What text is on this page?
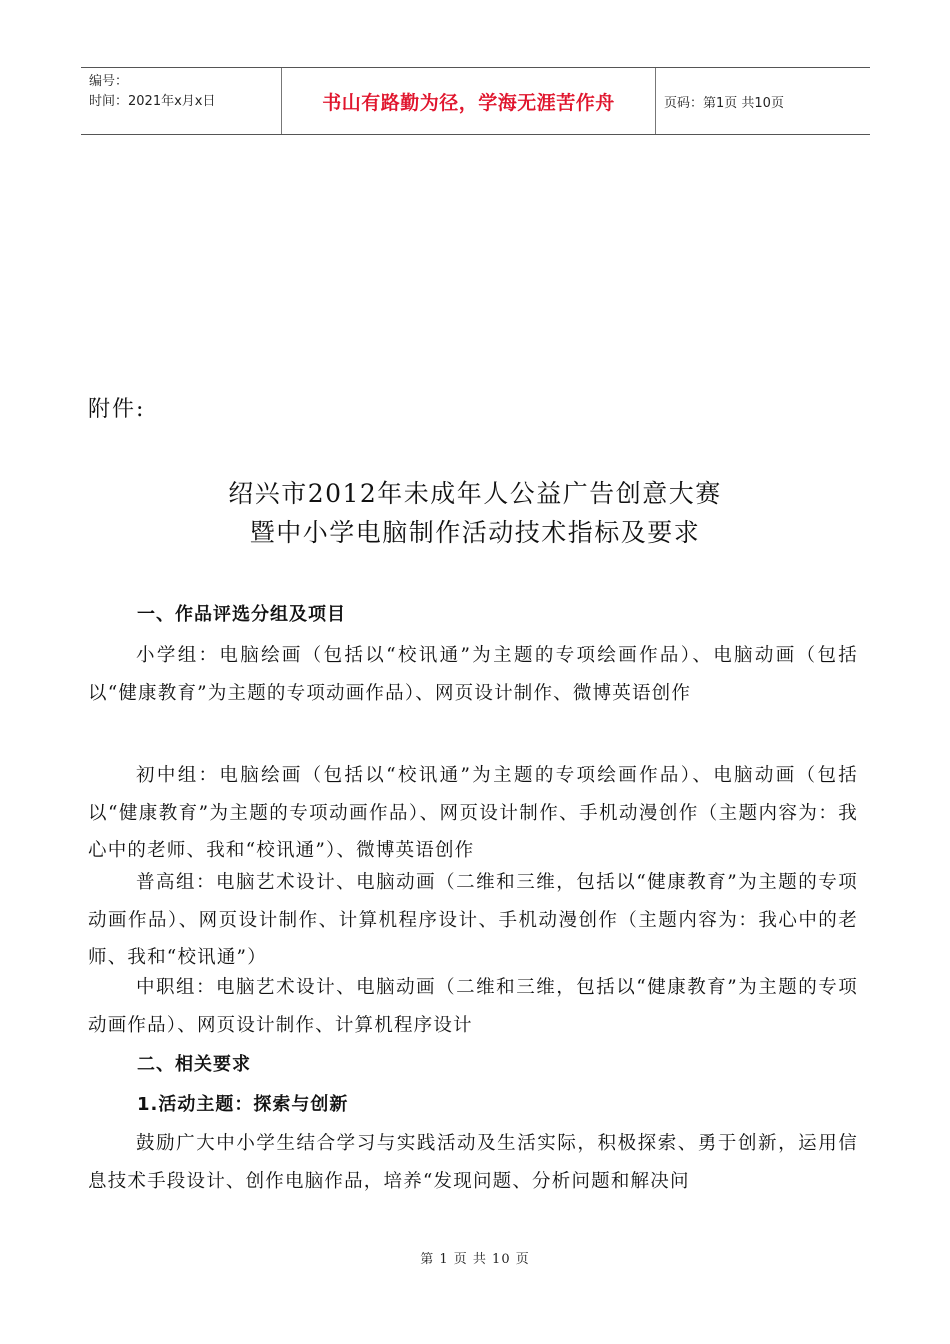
编号：
时间：2021年x月x日	书山有路勤为径，学海无涯苦作舟	页码：第1页 共10页
附件:
绍兴市2012年未成年人公益广告创意大赛
暨中小学电脑制作活动技术指标及要求
一、作品评选分组及项目
小学组：电脑绘画（包括以“校讯通”为主题的专项绘画作品）、电脑动画（包括以“健康教育”为主题的专项动画作品）、网页设计制作、微博英语创作
初中组：电脑绘画（包括以“校讯通”为主题的专项绘画作品）、电脑动画（包括以“健康教育”为主题的专项动画作品）、网页设计制作、手机动漫创作（主题内容为：我心中的老师、我和“校讯通”）、微博英语创作
普高组：电脑艺术设计、电脑动画（二维和三维，包括以“健康教育”为主题的专项动画作品）、网页设计制作、计算机程序设计、手机动漫创作（主题内容为：我心中的老师、我和“校讯通”）
中职组：电脑艺术设计、电脑动画（二维和三维，包括以“健康教育”为主题的专项动画作品）、网页设计制作、计算机程序设计
二、相关要求
1.活动主题：探索与创新
鼓励广大中小学生结合学习与实践活动及生活实际，积极探索、勇于创新，运用信息技术手段设计、创作电脑作品，培养“发现问题、分析问题和解决问
第 1 页 共 10 页
